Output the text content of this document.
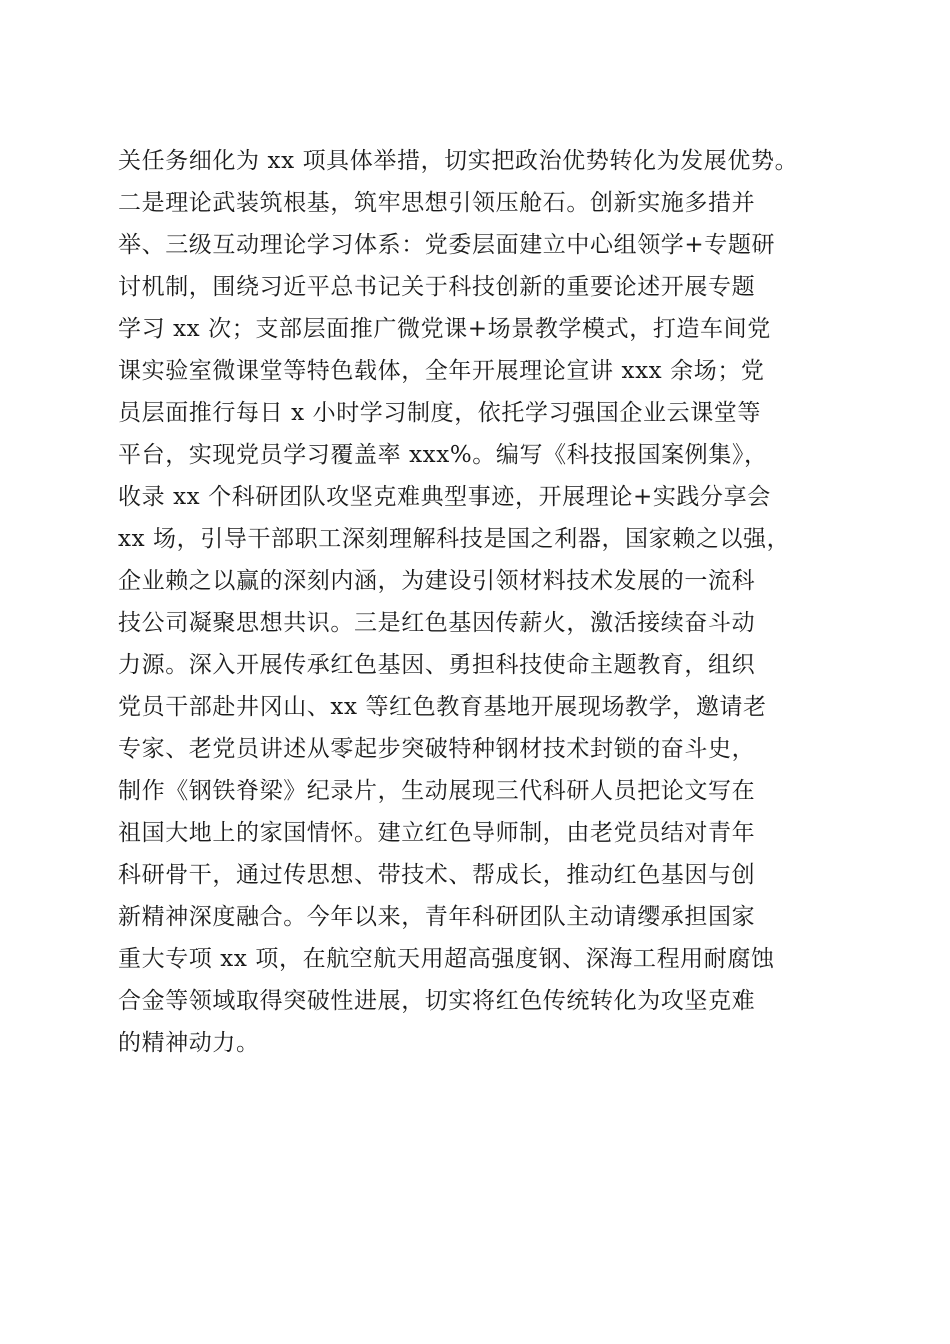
关任务细化为 xx 项具体举措，切实把政治优势转化为发展优势。
二是理论武装筑根基，筑牢思想引领压舱石。创新实施多措并
举、三级互动理论学习体系：党委层面建立中心组领学+专题研
讨机制，围绕习近平总书记关于科技创新的重要论述开展专题
学习 xx 次；支部层面推广微党课+场景教学模式，打造车间党
课实验室微课堂等特色载体，全年开展理论宣讲 xxx 余场；党
员层面推行每日 x 小时学习制度，依托学习强国企业云课堂等
平台，实现党员学习覆盖率 xxx%。编写《科技报国案例集》，
收录 xx 个科研团队攻坚克难典型事迹，开展理论+实践分享会
xx 场，引导干部职工深刻理解科技是国之利器，国家赖之以强，
企业赖之以赢的深刻内涵，为建设引领材料技术发展的一流科
技公司凝聚思想共识。三是红色基因传薪火，激活接续奋斗动
力源。深入开展传承红色基因、勇担科技使命主题教育，组织
党员干部赴井冈山、xx 等红色教育基地开展现场教学，邀请老
专家、老党员讲述从零起步突破特种钢材技术封锁的奋斗史，
制作《钢铁脊梁》纪录片，生动展现三代科研人员把论文写在
祖国大地上的家国情怀。建立红色导师制，由老党员结对青年
科研骨干，通过传思想、带技术、帮成长，推动红色基因与创
新精神深度融合。今年以来，青年科研团队主动请缨承担国家
重大专项 xx 项，在航空航天用超高强度钢、深海工程用耐腐蚀
合金等领域取得突破性进展，切实将红色传统转化为攻坚克难
的精神动力。
